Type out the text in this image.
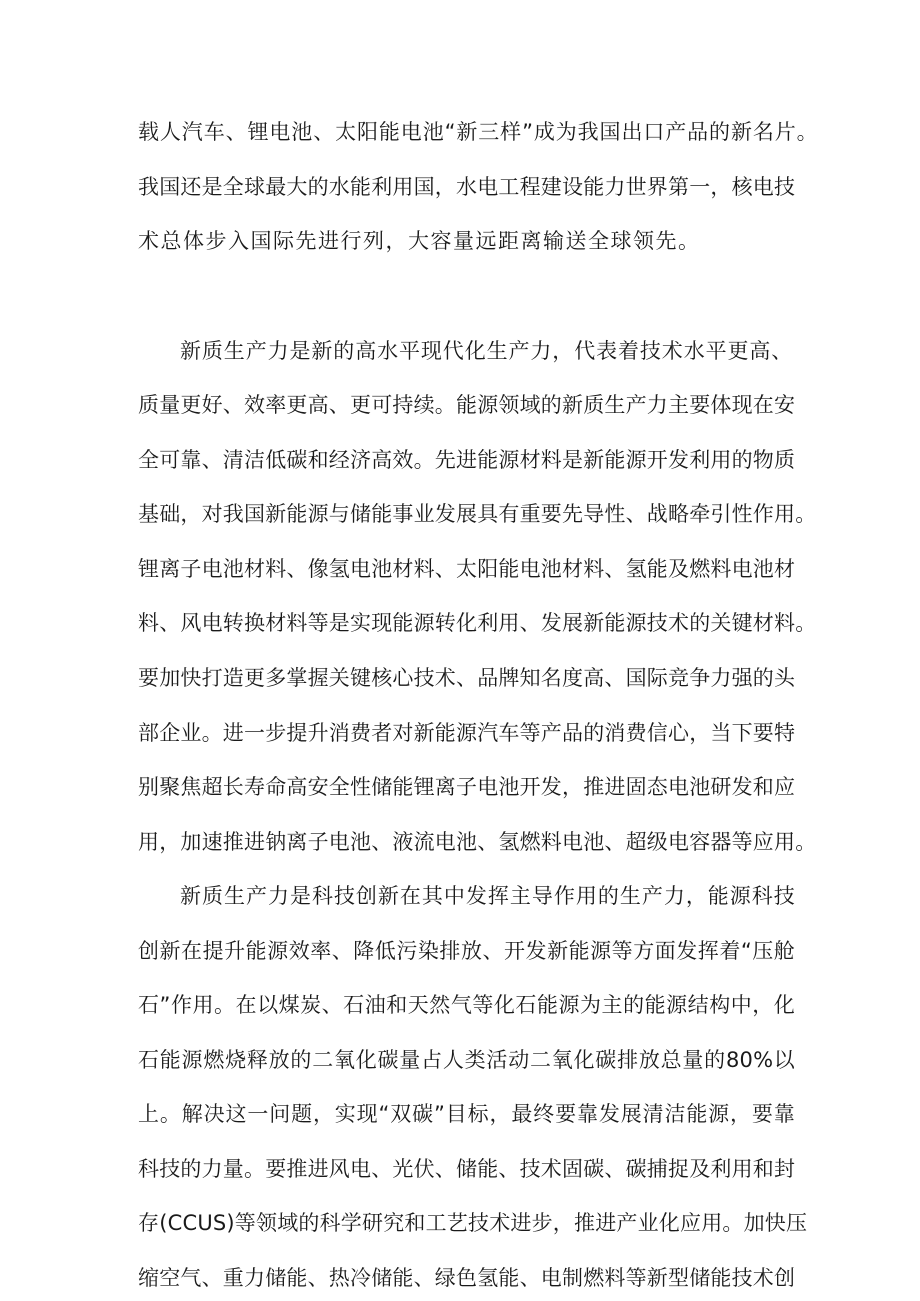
载人汽车、锂电池、太阳能电池“新三样”成为我国出口产品的新名片。
我国还是全球最大的水能利用国，水电工程建设能力世界第一，核电技
术总体步入国际先进行列，大容量远距离输送全球领先。
新质生产力是新的高水平现代化生产力，代表着技术水平更高、
质量更好、效率更高、更可持续。能源领域的新质生产力主要体现在安
全可靠、清洁低碳和经济高效。先进能源材料是新能源开发利用的物质
基础，对我国新能源与储能事业发展具有重要先导性、战略牵引性作用。
锂离子电池材料、像氢电池材料、太阳能电池材料、氢能及燃料电池材
料、风电转换材料等是实现能源转化利用、发展新能源技术的关键材料。
要加快打造更多掌握关键核心技术、品牌知名度高、国际竞争力强的头
部企业。进一步提升消费者对新能源汽车等产品的消费信心，当下要特
别聚焦超长寿命高安全性储能锂离子电池开发，推进固态电池研发和应
用，加速推进钠离子电池、液流电池、氢燃料电池、超级电容器等应用。
新质生产力是科技创新在其中发挥主导作用的生产力，能源科技
创新在提升能源效率、降低污染排放、开发新能源等方面发挥着“压舱
石”作用。在以煤炭、石油和天然气等化石能源为主的能源结构中，化
石能源燃烧释放的二氧化碳量占人类活动二氧化碳排放总量的80%以
上。解决这一问题，实现“双碳”目标，最终要靠发展清洁能源，要靠
科技的力量。要推进风电、光伏、储能、技术固碳、碳捕捉及利用和封
存(CCUS)等领域的科学研究和工艺技术进步，推进产业化应用。加快压
缩空气、重力储能、热冷储能、绿色氢能、电制燃料等新型储能技术创
